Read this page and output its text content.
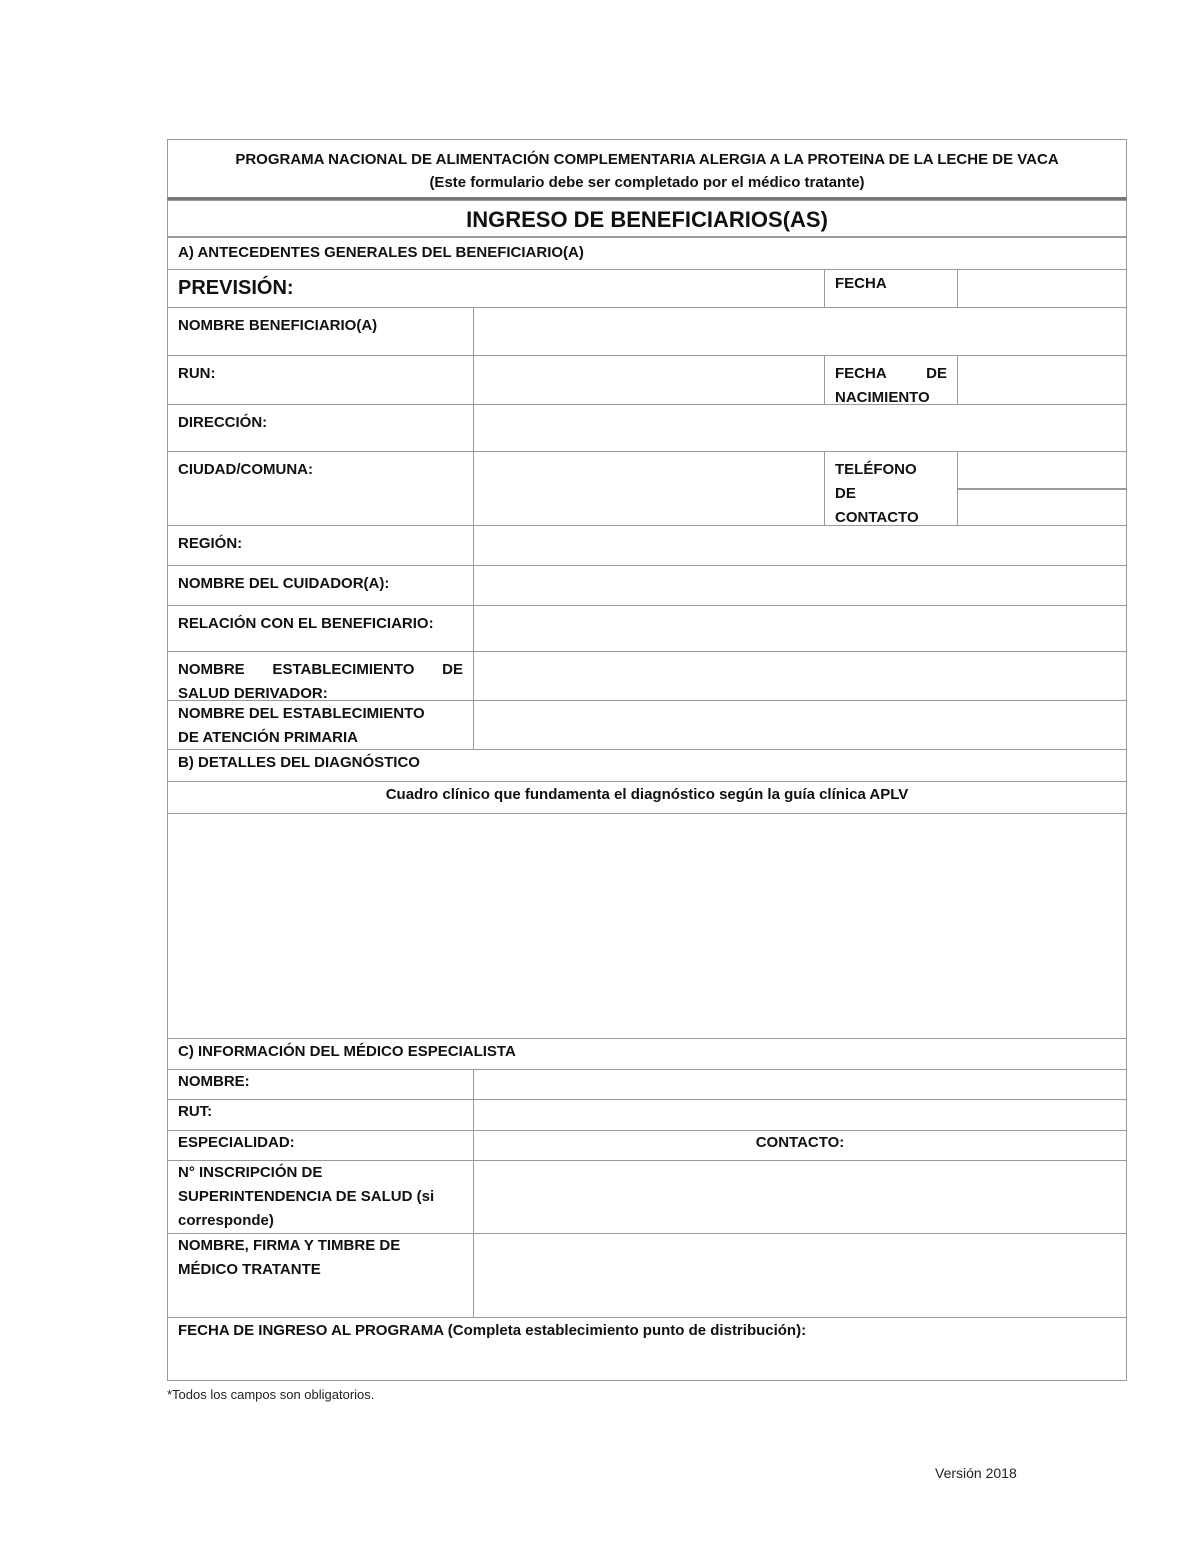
PROGRAMA NACIONAL DE ALIMENTACIÓN COMPLEMENTARIA ALERGIA A LA PROTEINA DE LA LECHE DE VACA
(Este formulario debe ser completado por el médico tratante)
INGRESO DE BENEFICIARIOS(AS)
A) ANTECEDENTES GENERALES DEL BENEFICIARIO(A)
PREVISIÓN:	FECHA
NOMBRE BENEFICIARIO(A)
RUN:	FECHA DE
NACIMIENTO
DIRECCIÓN:
CIUDAD/COMUNA:	TELÉFONO
DE
CONTACTO
REGIÓN:
NOMBRE DEL CUIDADOR(A):
RELACIÓN CON EL BENEFICIARIO:
NOMBRE ESTABLECIMIENTO DE
SALUD DERIVADOR:
NOMBRE DEL ESTABLECIMIENTO
DE ATENCIÓN PRIMARIA
B) DETALLES DEL DIAGNÓSTICO
Cuadro clínico que fundamenta el diagnóstico según la guía clínica APLV
C) INFORMACIÓN DEL MÉDICO ESPECIALISTA
NOMBRE:
RUT:
ESPECIALIDAD:	CONTACTO:
N° INSCRIPCIÓN DE
SUPERINTENDENCIA DE SALUD (si
corresponde)
NOMBRE, FIRMA Y TIMBRE DE
MÉDICO TRATANTE
FECHA DE INGRESO AL PROGRAMA (Completa establecimiento punto de distribución):
*Todos los campos son obligatorios.
Versión 2018
